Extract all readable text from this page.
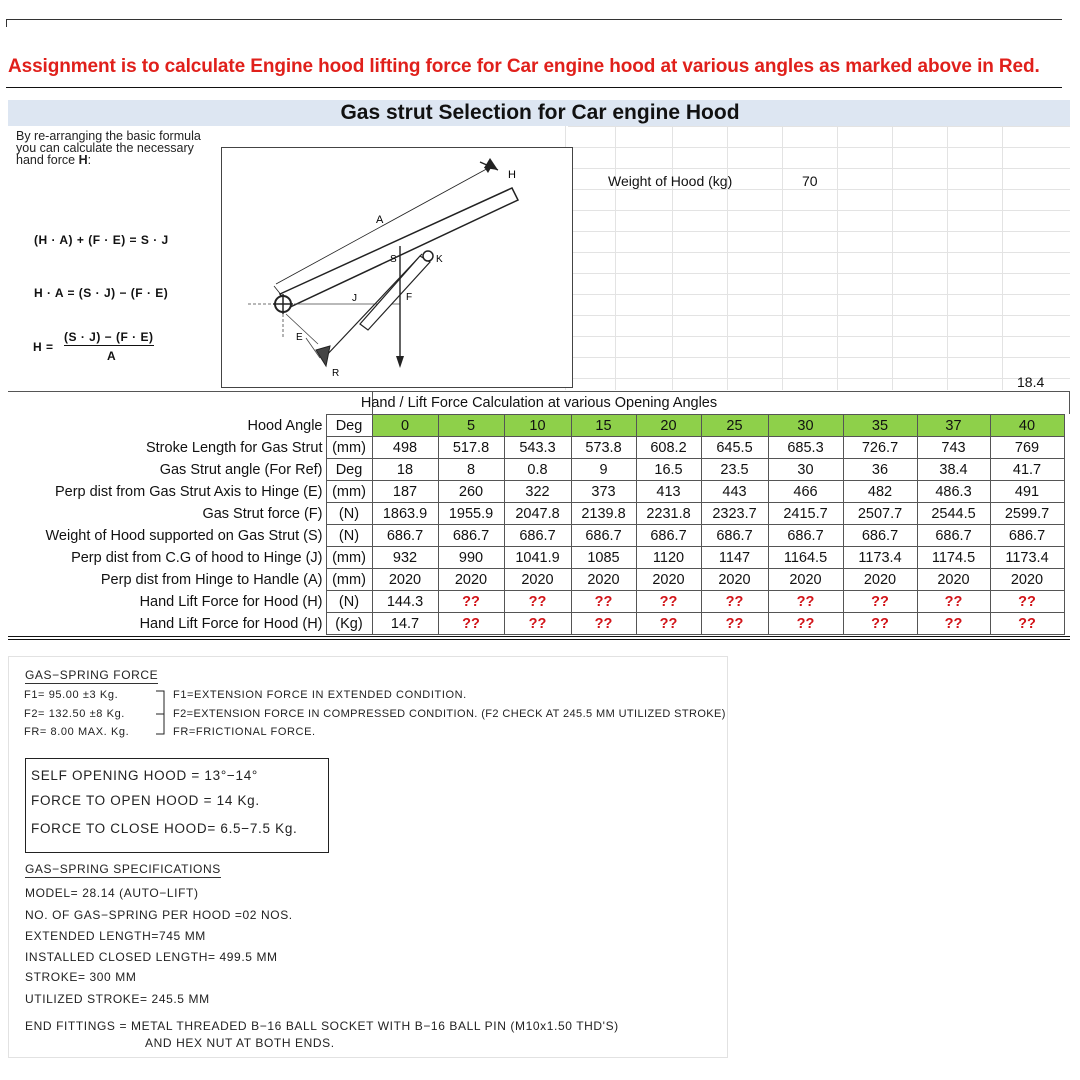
Assignment is to calculate Engine hood lifting force for Car engine hood at various angles as marked above in Red.
Gas strut Selection for Car engine Hood
By re-arranging the basic formula
you can calculate the necessary
hand force H:
(H · A) + (F · E) = S · J
H · A = (S · J) − (F · E)
H =
(S · J) − (F · E)
A
A
H
S	K
J	F
E
R
Weight of Hood (kg)	70
18.4
Hand / Lift Force Calculation at various Opening Angles
Hood Angle	Deg	0	5	10	15	20	25	30	35	37	40
Stroke Length for Gas Strut	(mm)	498	517.8	543.3	573.8	608.2	645.5	685.3	726.7	743	769
Gas Strut angle (For Ref)	Deg	18	8	0.8	9	16.5	23.5	30	36	38.4	41.7
Perp dist from Gas Strut Axis to Hinge (E)	(mm)	187	260	322	373	413	443	466	482	486.3	491
Gas Strut force (F)	(N)	1863.9	1955.9	2047.8	2139.8	2231.8	2323.7	2415.7	2507.7	2544.5	2599.7
Weight of Hood supported on Gas Strut (S)	(N)	686.7	686.7	686.7	686.7	686.7	686.7	686.7	686.7	686.7	686.7
Perp dist from C.G of hood to Hinge (J)	(mm)	932	990	1041.9	1085	1120	1147	1164.5	1173.4	1174.5	1173.4
Perp dist from Hinge to Handle (A)	(mm)	2020	2020	2020	2020	2020	2020	2020	2020	2020	2020
Hand Lift Force for Hood (H)	(N)	144.3	??	??	??	??	??	??	??	??	??
Hand Lift Force for Hood (H)	(Kg)	14.7	??	??	??	??	??	??	??	??	??
GAS−SPRING FORCE
F1= 95.00 ±3 Kg.
F2= 132.50 ±8 Kg.
FR= 8.00 MAX. Kg.
F1=EXTENSION FORCE IN EXTENDED CONDITION.
F2=EXTENSION FORCE IN COMPRESSED CONDITION. (F2 CHECK AT 245.5 MM UTILIZED STROKE)
FR=FRICTIONAL FORCE.
SELF OPENING HOOD = 13°−14°
FORCE TO OPEN HOOD = 14 Kg.
FORCE TO CLOSE HOOD= 6.5−7.5 Kg.
GAS−SPRING SPECIFICATIONS
MODEL= 28.14 (AUTO−LIFT)
NO. OF GAS−SPRING PER HOOD =02 NOS.
EXTENDED LENGTH=745 MM
INSTALLED CLOSED LENGTH= 499.5 MM
STROKE= 300 MM
UTILIZED STROKE= 245.5 MM
END FITTINGS = METAL THREADED B−16 BALL SOCKET WITH B−16 BALL PIN (M10x1.50 THD'S)
AND HEX NUT AT BOTH ENDS.
